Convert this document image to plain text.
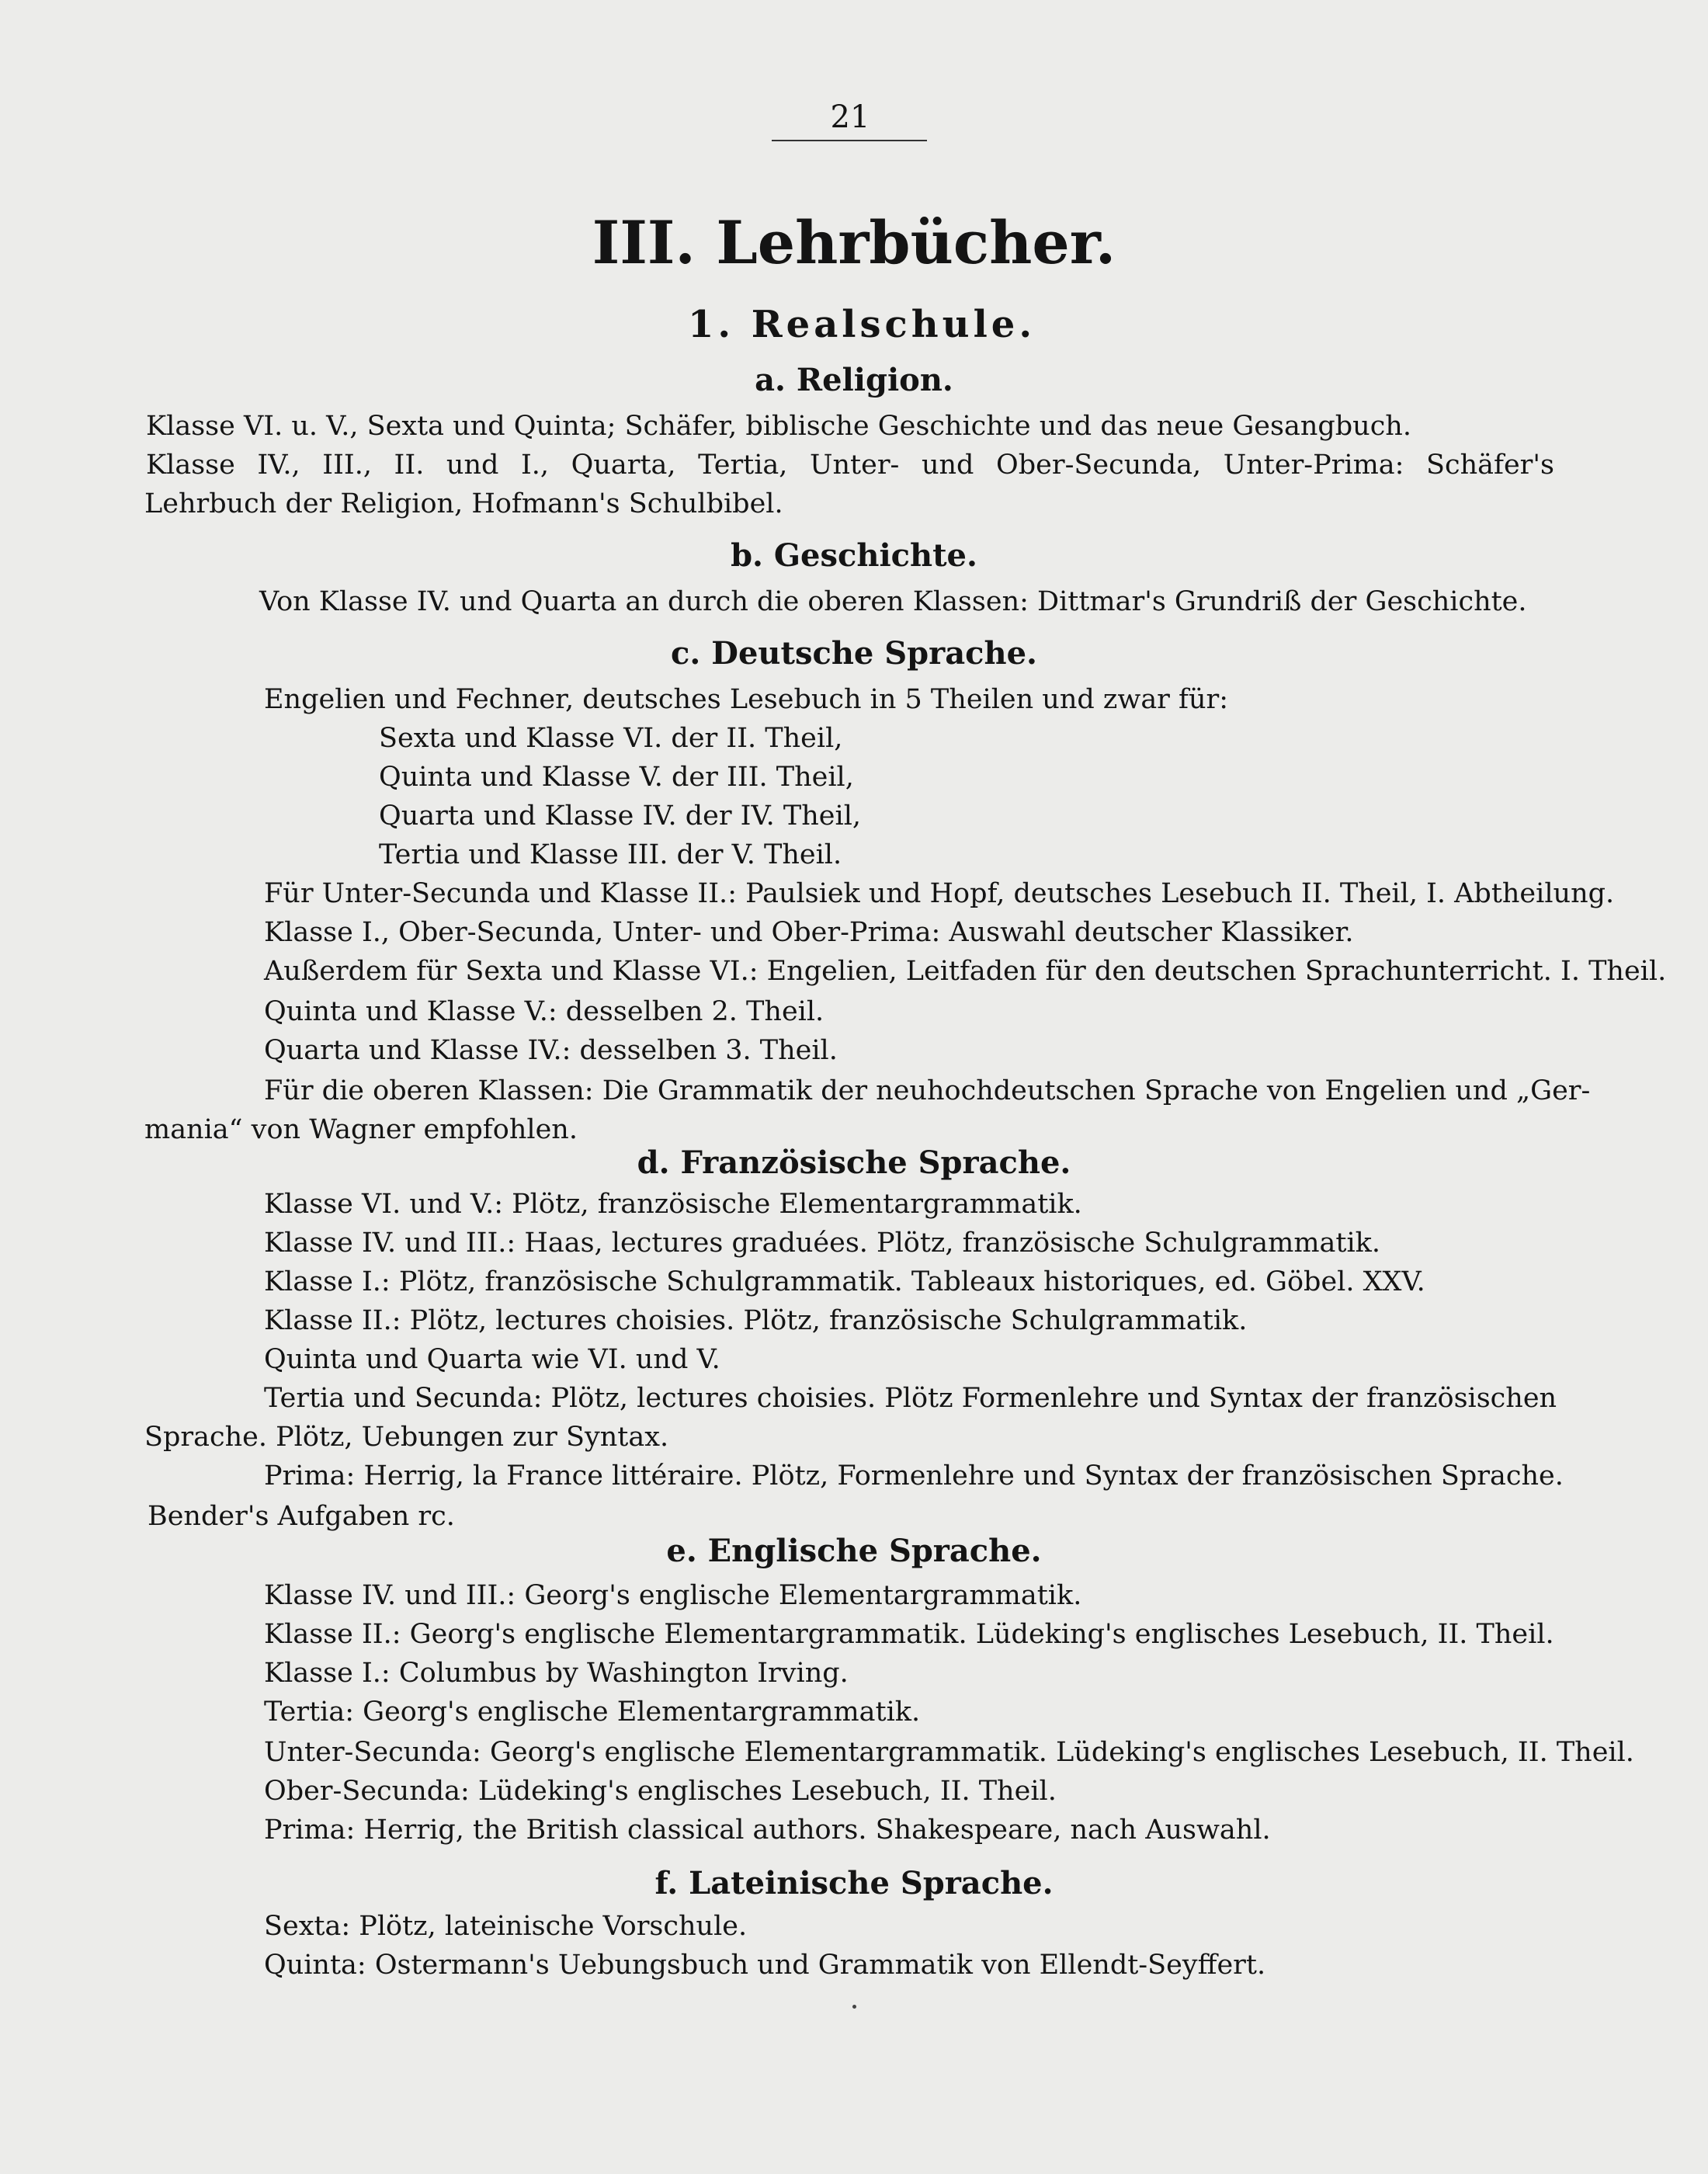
21
III. Lehrbücher.
1. Realschule.
a. Religion.
Klasse VI. u. V., Sexta und Quinta; Schäfer, biblische Geschichte und das neue Gesangbuch.
Klasse IV., III., II. und I., Quarta, Tertia, Unter- und Ober-Secunda, Unter-Prima: Schäfer's
Lehrbuch der Religion, Hofmann's Schulbibel.
b. Geschichte.
Von Klasse IV. und Quarta an durch die oberen Klassen: Dittmar's Grundriß der Geschichte.
c. Deutsche Sprache.
Engelien und Fechner, deutsches Lesebuch in 5 Theilen und zwar für:
Sexta und Klasse VI. der II. Theil,
Quinta und Klasse V. der III. Theil,
Quarta und Klasse IV. der IV. Theil,
Tertia und Klasse III. der V. Theil.
Für Unter-Secunda und Klasse II.: Paulsiek und Hopf, deutsches Lesebuch II. Theil, I. Abtheilung.
Klasse I., Ober-Secunda, Unter- und Ober-Prima: Auswahl deutscher Klassiker.
Außerdem für Sexta und Klasse VI.: Engelien, Leitfaden für den deutschen Sprachunterricht. I. Theil.
Quinta und Klasse V.: desselben 2. Theil.
Quarta und Klasse IV.: desselben 3. Theil.
Für die oberen Klassen: Die Grammatik der neuhochdeutschen Sprache von Engelien und „Ger-
mania“ von Wagner empfohlen.
d. Französische Sprache.
Klasse VI. und V.: Plötz, französische Elementargrammatik.
Klasse IV. und III.: Haas, lectures graduées. Plötz, französische Schulgrammatik.
Klasse I.: Plötz, französische Schulgrammatik. Tableaux historiques, ed. Göbel. XXV.
Klasse II.: Plötz, lectures choisies. Plötz, französische Schulgrammatik.
Quinta und Quarta wie VI. und V.
Tertia und Secunda: Plötz, lectures choisies. Plötz Formenlehre und Syntax der französischen
Sprache. Plötz, Uebungen zur Syntax.
Prima: Herrig, la France littéraire. Plötz, Formenlehre und Syntax der französischen Sprache.
Bender's Aufgaben rc.
e. Englische Sprache.
Klasse IV. und III.: Georg's englische Elementargrammatik.
Klasse II.: Georg's englische Elementargrammatik. Lüdeking's englisches Lesebuch, II. Theil.
Klasse I.: Columbus by Washington Irving.
Tertia: Georg's englische Elementargrammatik.
Unter-Secunda: Georg's englische Elementargrammatik. Lüdeking's englisches Lesebuch, II. Theil.
Ober-Secunda: Lüdeking's englisches Lesebuch, II. Theil.
Prima: Herrig, the British classical authors. Shakespeare, nach Auswahl.
f. Lateinische Sprache.
Sexta: Plötz, lateinische Vorschule.
Quinta: Ostermann's Uebungsbuch und Grammatik von Ellendt-Seyffert.
